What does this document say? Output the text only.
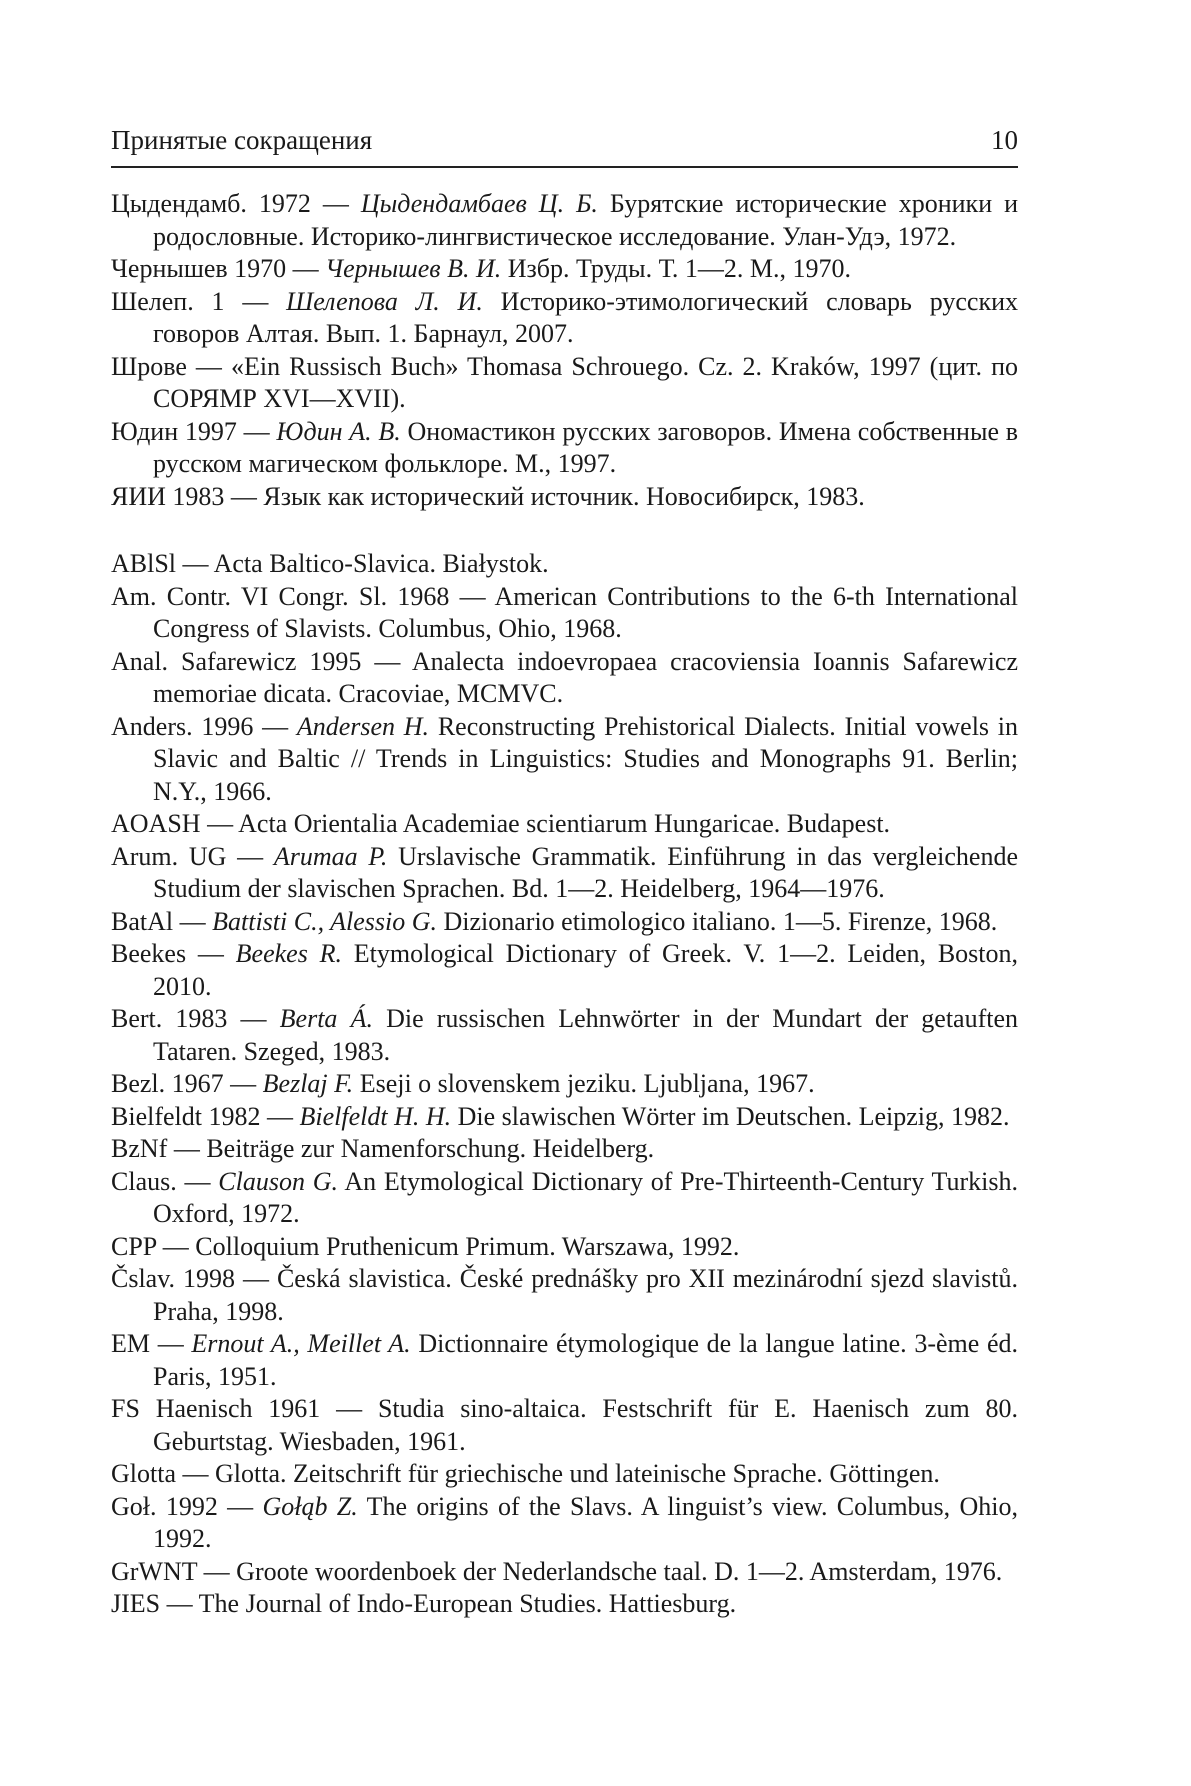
Принятые сокращения	10
Цыдендамб. 1972 — Цыдендамбаев Ц. Б. Бурятские исторические хроники и родословные. Историко-лингвистическое исследование. Улан-Удэ, 1972.
Чернышев 1970 — Чернышев В. И. Избр. Труды. Т. 1—2. М., 1970.
Шелеп. 1 — Шелепова Л. И. Историко-этимологический словарь русских говоров Алтая. Вып. 1. Барнаул, 2007.
Шрове — «Ein Russisch Buch» Thomasa Schrouego. Cz. 2. Kraków, 1997 (цит. по СОРЯМР XVI—XVII).
Юдин 1997 — Юдин А. В. Ономастикон русских заговоров. Имена собственные в русском магическом фольклоре. М., 1997.
ЯИИ 1983 — Язык как исторический источник. Новосибирск, 1983.
ABlSl — Acta Baltico-Slavica. Białystok.
Am. Contr. VI Congr. Sl. 1968 — American Contributions to the 6-th International Congress of Slavists. Columbus, Ohio, 1968.
Anal. Safarewicz 1995 — Analecta indoevropaea cracoviensia Ioannis Safarewicz memoriae dicata. Cracoviae, MCMVC.
Anders. 1996 — Andersen H. Reconstructing Prehistorical Dialects. Initial vowels in Slavic and Baltic // Trends in Linguistics: Studies and Monographs 91. Berlin; N.Y., 1966.
AOASH — Acta Orientalia Academiae scientiarum Hungaricae. Budapest.
Arum. UG — Arumaa P. Urslavische Grammatik. Einführung in das vergleichende Studium der slavischen Sprachen. Bd. 1—2. Heidelberg, 1964—1976.
BatAl — Battisti C., Alessio G. Dizionario etimologico italiano. 1—5. Firenze, 1968.
Beekes — Beekes R. Etymological Dictionary of Greek. V. 1—2. Leiden, Boston, 2010.
Bert. 1983 — Berta Á. Die russischen Lehnwörter in der Mundart der getauften Tataren. Szeged, 1983.
Bezl. 1967 — Bezlaj F. Eseji o slovenskem jeziku. Ljubljana, 1967.
Bielfeldt 1982 — Bielfeldt H. H. Die slawischen Wörter im Deutschen. Leipzig, 1982.
BzNf — Beiträge zur Namenforschung. Heidelberg.
Claus. — Clauson G. An Etymological Dictionary of Pre-Thirteenth-Century Turkish. Oxford, 1972.
CPP — Colloquium Pruthenicum Primum. Warszawa, 1992.
Čslav. 1998 — Česká slavistica. České prednášky pro XII mezinárodní sjezd slavistů. Praha, 1998.
EM — Ernout A., Meillet A. Dictionnaire étymologique de la langue latine. 3-ème éd. Paris, 1951.
FS Haenisch 1961 — Studia sino-altaica. Festschrift für E. Haenisch zum 80. Geburtstag. Wiesbaden, 1961.
Glotta — Glotta. Zeitschrift für griechische und lateinische Sprache. Göttingen.
Goł. 1992 — Gołąb Z. The origins of the Slavs. A linguist’s view. Columbus, Ohio, 1992.
GrWNT — Groote woordenboek der Nederlandsche taal. D. 1—2. Amsterdam, 1976.
JIES — The Journal of Indo-European Studies. Hattiesburg.
